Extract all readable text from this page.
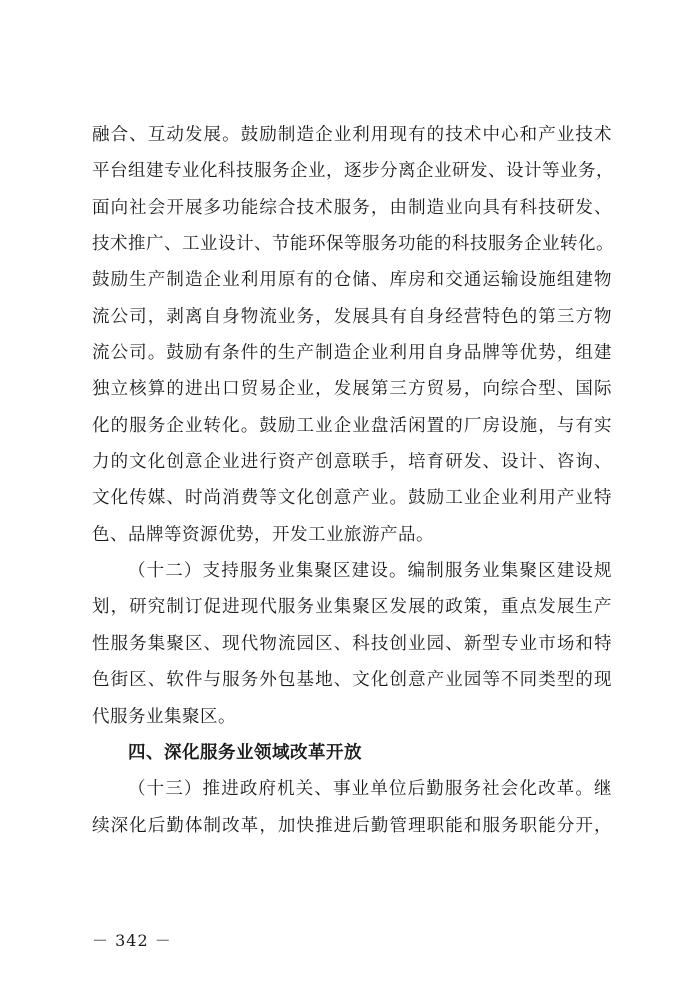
融合、互动发展。鼓励制造企业利用现有的技术中心和产业技术
平台组建专业化科技服务企业，逐步分离企业研发、设计等业务，
面向社会开展多功能综合技术服务，由制造业向具有科技研发、
技术推广、工业设计、节能环保等服务功能的科技服务企业转化。
鼓励生产制造企业利用原有的仓储、库房和交通运输设施组建物
流公司，剥离自身物流业务，发展具有自身经营特色的第三方物
流公司。鼓励有条件的生产制造企业利用自身品牌等优势，组建
独立核算的进出口贸易企业，发展第三方贸易，向综合型、国际
化的服务企业转化。鼓励工业企业盘活闲置的厂房设施，与有实
力的文化创意企业进行资产创意联手，培育研发、设计、咨询、
文化传媒、时尚消费等文化创意产业。鼓励工业企业利用产业特
色、品牌等资源优势，开发工业旅游产品。
（十二）支持服务业集聚区建设。编制服务业集聚区建设规
划，研究制订促进现代服务业集聚区发展的政策，重点发展生产
性服务集聚区、现代物流园区、科技创业园、新型专业市场和特
色街区、软件与服务外包基地、文化创意产业园等不同类型的现
代服务业集聚区。
四、深化服务业领域改革开放
（十三）推进政府机关、事业单位后勤服务社会化改革。继
续深化后勤体制改革，加快推进后勤管理职能和服务职能分开，
－ 342 －
